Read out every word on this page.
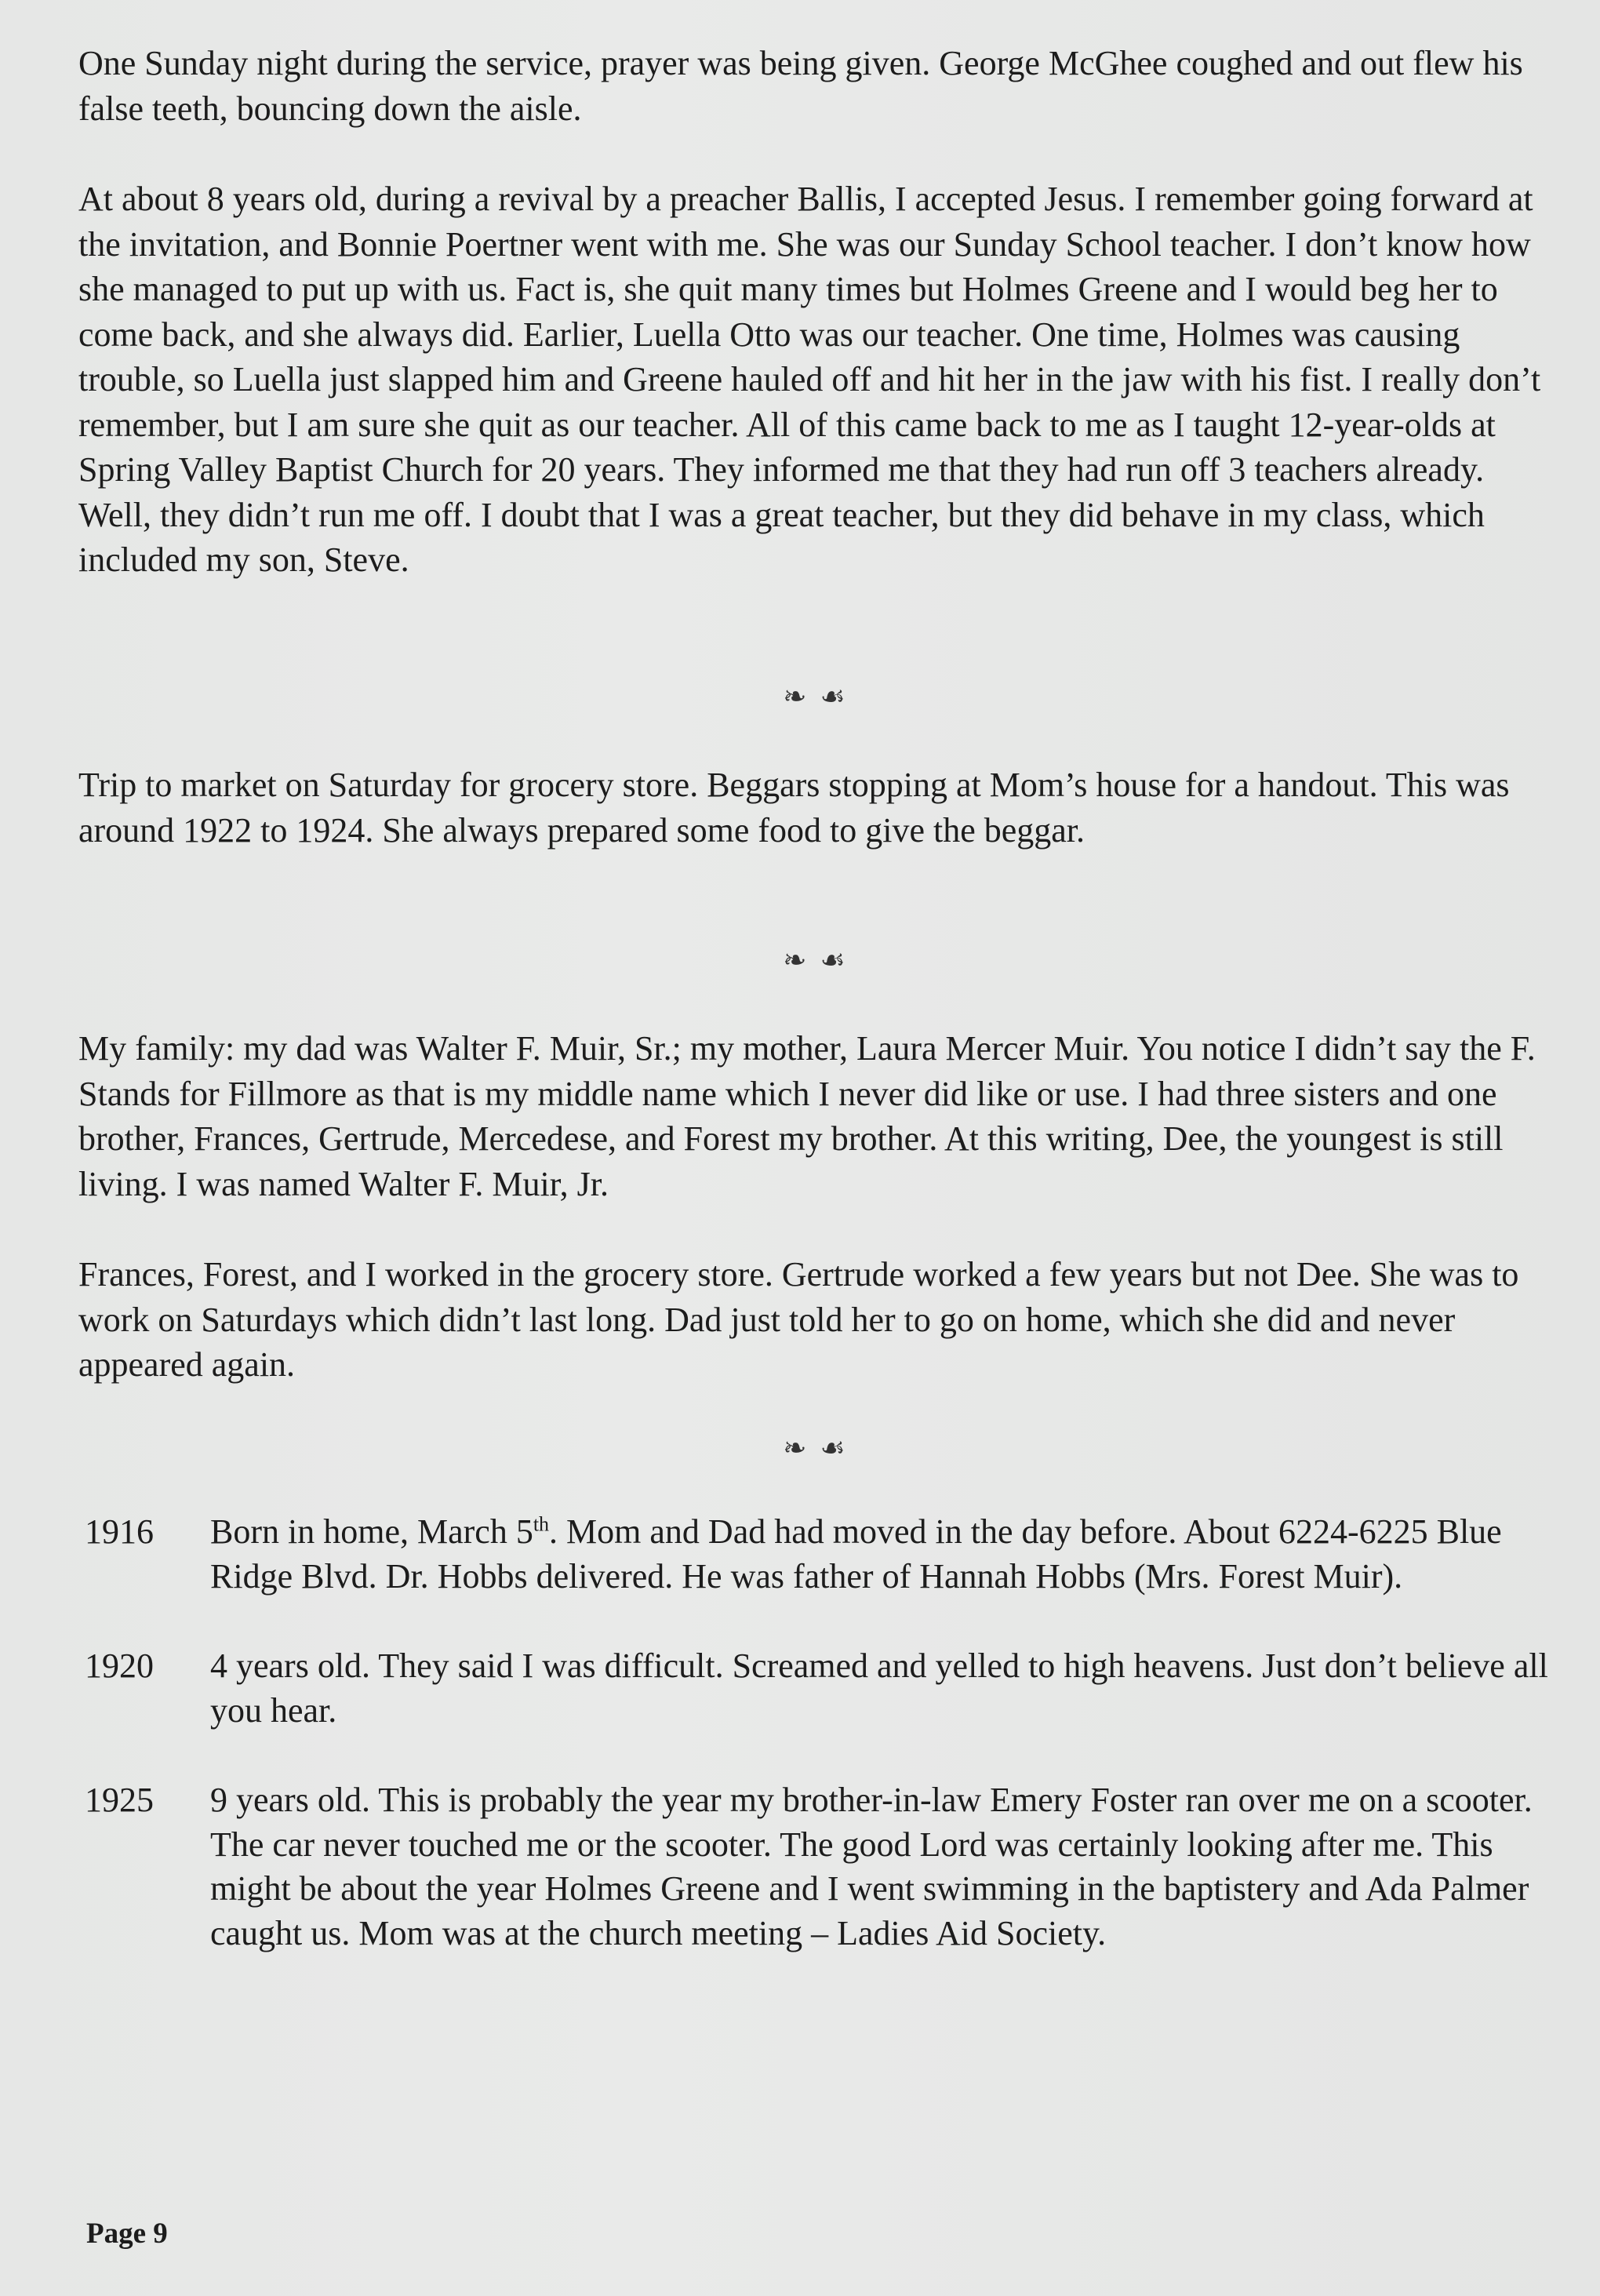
One Sunday night during the service, prayer was being given. George McGhee coughed and out flew his false teeth, bouncing down the aisle.

At about 8 years old, during a revival by a preacher Ballis, I accepted Jesus. I remember going forward at the invitation, and Bonnie Poertner went with me. She was our Sunday School teacher. I don’t know how she managed to put up with us. Fact is, she quit many times but Holmes Greene and I would beg her to come back, and she always did. Earlier, Luella Otto was our teacher. One time, Holmes was causing trouble, so Luella just slapped him and Greene hauled off and hit her in the jaw with his fist. I really don’t remember, but I am sure she quit as our teacher. All of this came back to me as I taught 12-year-olds at Spring Valley Baptist Church for 20 years. They informed me that they had run off 3 teachers already. Well, they didn’t run me off. I doubt that I was a great teacher, but they did behave in my class, which included my son, Steve.

❧ ☙

Trip to market on Saturday for grocery store. Beggars stopping at Mom’s house for a handout. This was around 1922 to 1924. She always prepared some food to give the beggar.

❧ ☙

My family: my dad was Walter F. Muir, Sr.; my mother, Laura Mercer Muir. You notice I didn’t say the F. Stands for Fillmore as that is my middle name which I never did like or use. I had three sisters and one brother, Frances, Gertrude, Mercedese, and Forest my brother. At this writing, Dee, the youngest is still living. I was named Walter F. Muir, Jr.

Frances, Forest, and I worked in the grocery store. Gertrude worked a few years but not Dee. She was to work on Saturdays which didn’t last long. Dad just told her to go on home, which she did and never appeared again.

❧ ☙
1916	Born in home, March 5th. Mom and Dad had moved in the day before. About 6224-6225 Blue Ridge Blvd. Dr. Hobbs delivered. He was father of Hannah Hobbs (Mrs. Forest Muir).
1920	4 years old. They said I was difficult. Screamed and yelled to high heavens. Just don’t believe all you hear.
1925	9 years old. This is probably the year my brother-in-law Emery Foster ran over me on a scooter. The car never touched me or the scooter. The good Lord was certainly looking after me. This might be about the year Holmes Greene and I went swimming in the baptistery and Ada Palmer caught us. Mom was at the church meeting – Ladies Aid Society.
Page 9
